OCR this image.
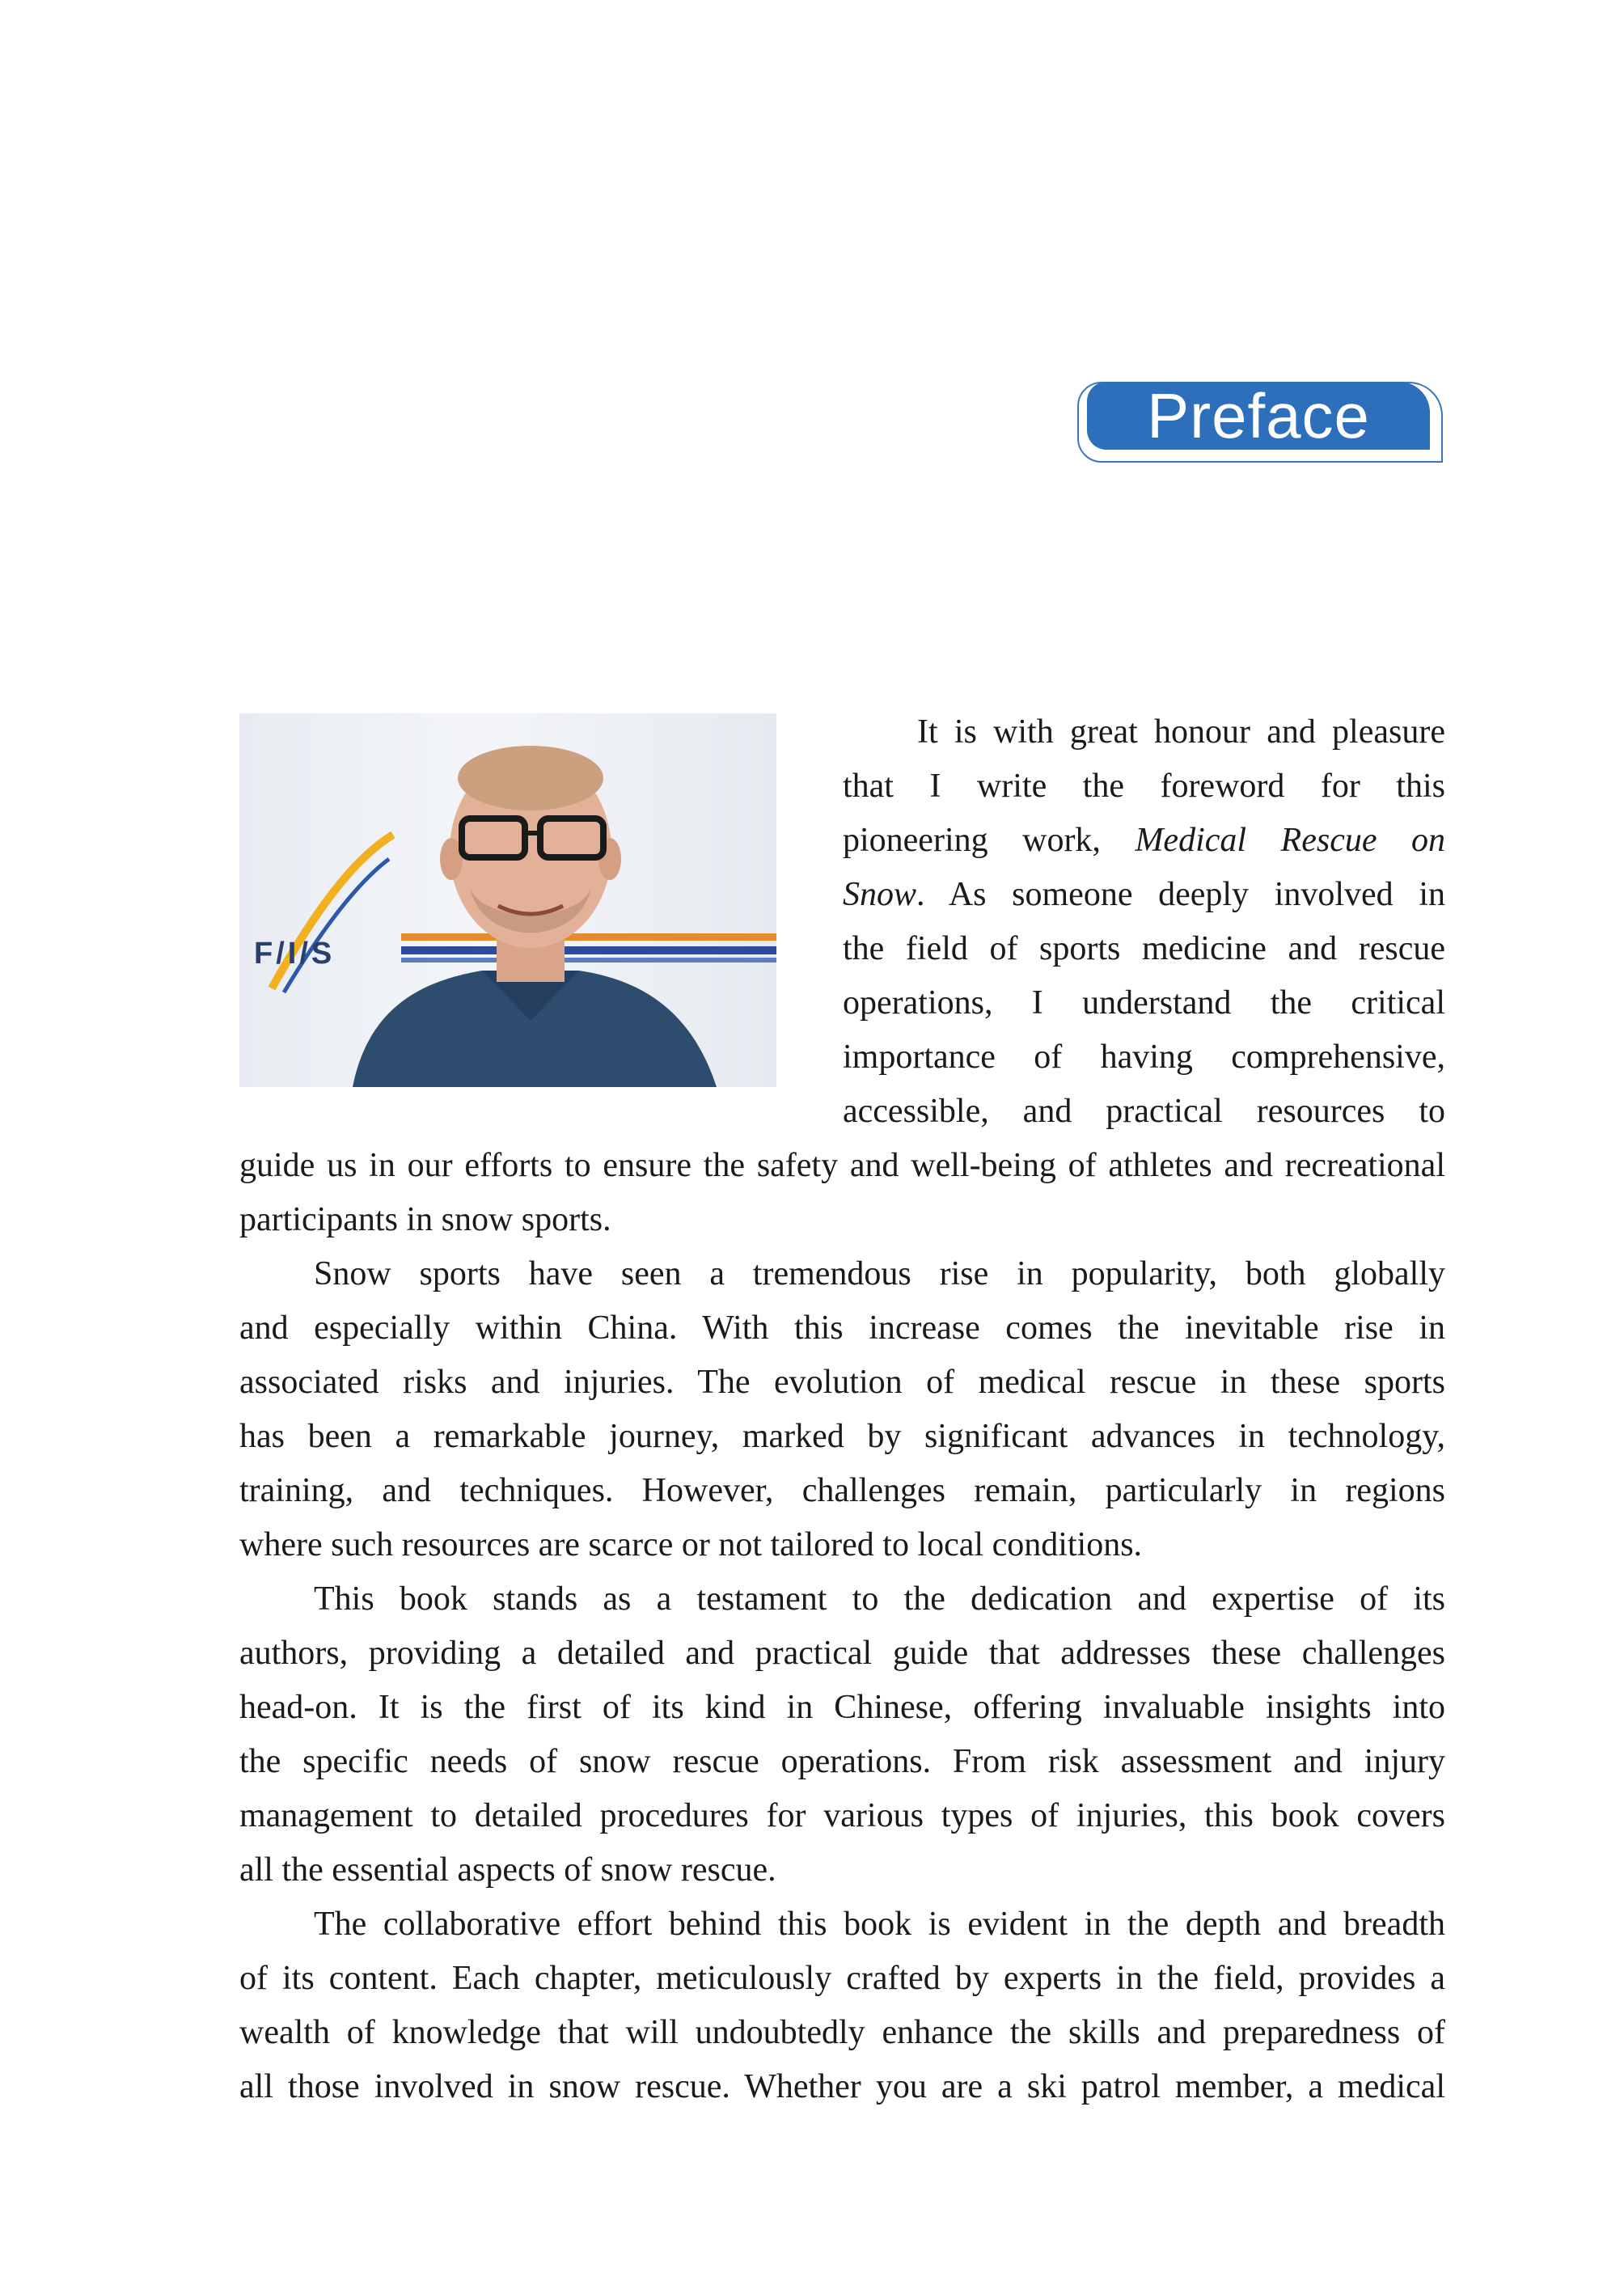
Preface
F/I/S
It is with great honour and pleasure
that I write the foreword for this
pioneering work, Medical Rescue on
Snow. As someone deeply involved in
the field of sports medicine and rescue
operations, I understand the critical
importance of having comprehensive,
accessible, and practical resources to
guide us in our efforts to ensure the safety and well-being of athletes and recreational
participants in snow sports.
Snow sports have seen a tremendous rise in popularity, both globally
and especially within China. With this increase comes the inevitable rise in
associated risks and injuries. The evolution of medical rescue in these sports
has been a remarkable journey, marked by significant advances in technology,
training, and techniques. However, challenges remain, particularly in regions
where such resources are scarce or not tailored to local conditions.
This book stands as a testament to the dedication and expertise of its
authors, providing a detailed and practical guide that addresses these challenges
head-on. It is the first of its kind in Chinese, offering invaluable insights into
the specific needs of snow rescue operations. From risk assessment and injury
management to detailed procedures for various types of injuries, this book covers
all the essential aspects of snow rescue.
The collaborative effort behind this book is evident in the depth and breadth
of its content. Each chapter, meticulously crafted by experts in the field, provides a
wealth of knowledge that will undoubtedly enhance the skills and preparedness of
all those involved in snow rescue. Whether you are a ski patrol member, a medical
